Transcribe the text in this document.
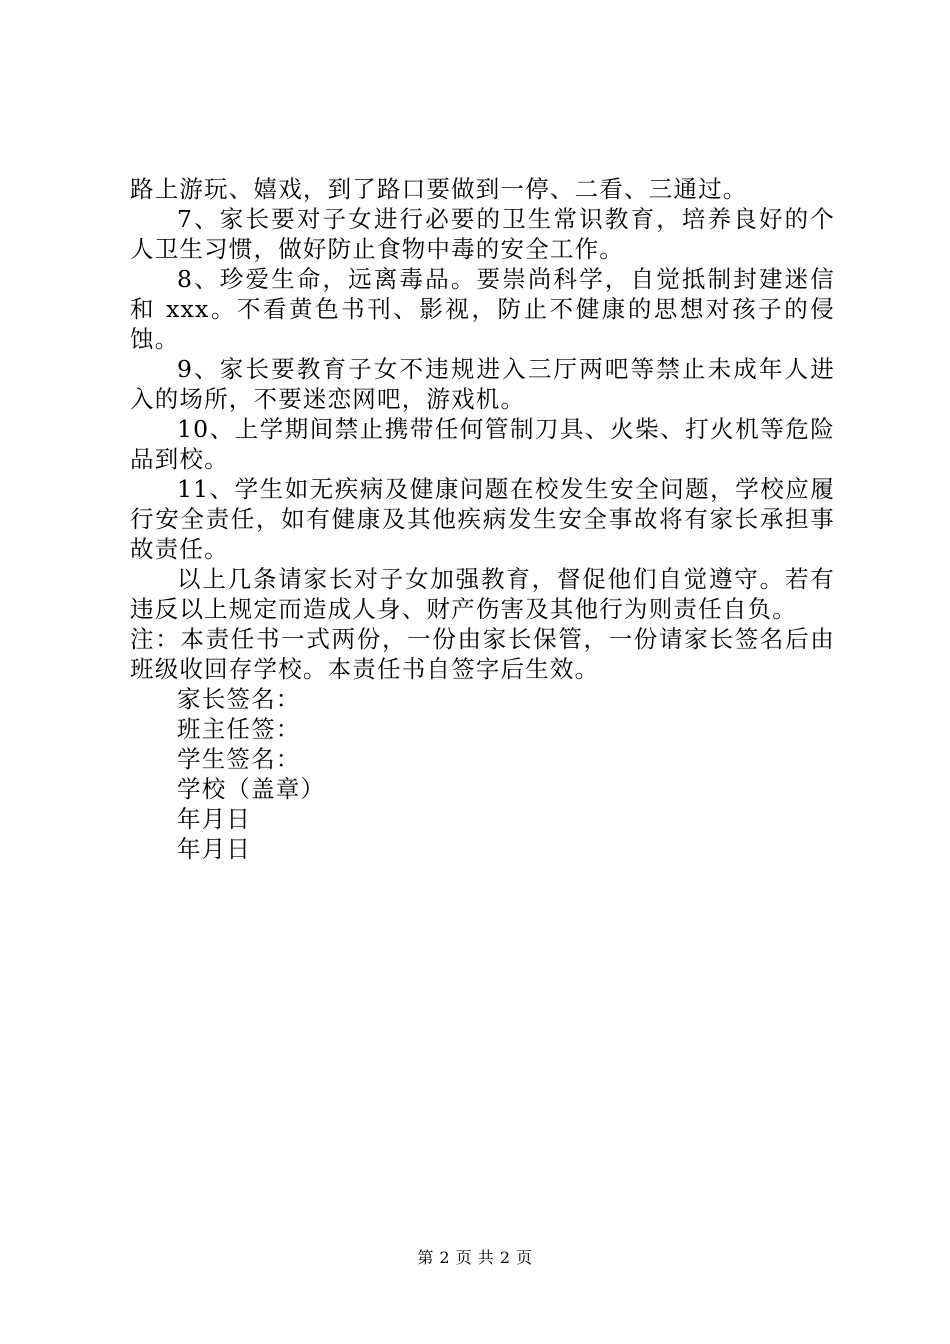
路上游玩、嬉戏，到了路口要做到一停、二看、三通过。

7、家长要对子女进行必要的卫生常识教育，培养良好的个人卫生习惯，做好防止食物中毒的安全工作。

8、珍爱生命，远离毒品。要崇尚科学，自觉抵制封建迷信和 xxx。不看黄色书刊、影视，防止不健康的思想对孩子的侵蚀。

9、家长要教育子女不违规进入三厅两吧等禁止未成年人进入的场所，不要迷恋网吧，游戏机。

10、上学期间禁止携带任何管制刀具、火柴、打火机等危险品到校。

11、学生如无疾病及健康问题在校发生安全问题，学校应履行安全责任，如有健康及其他疾病发生安全事故将有家长承担事故责任。

以上几条请家长对子女加强教育，督促他们自觉遵守。若有违反以上规定而造成人身、财产伤害及其他行为则责任自负。

注：本责任书一式两份，一份由家长保管，一份请家长签名后由班级收回存学校。本责任书自签字后生效。

家长签名：

班主任签：

学生签名：

学校（盖章）

年月日

年月日

第 2 页 共 2 页
